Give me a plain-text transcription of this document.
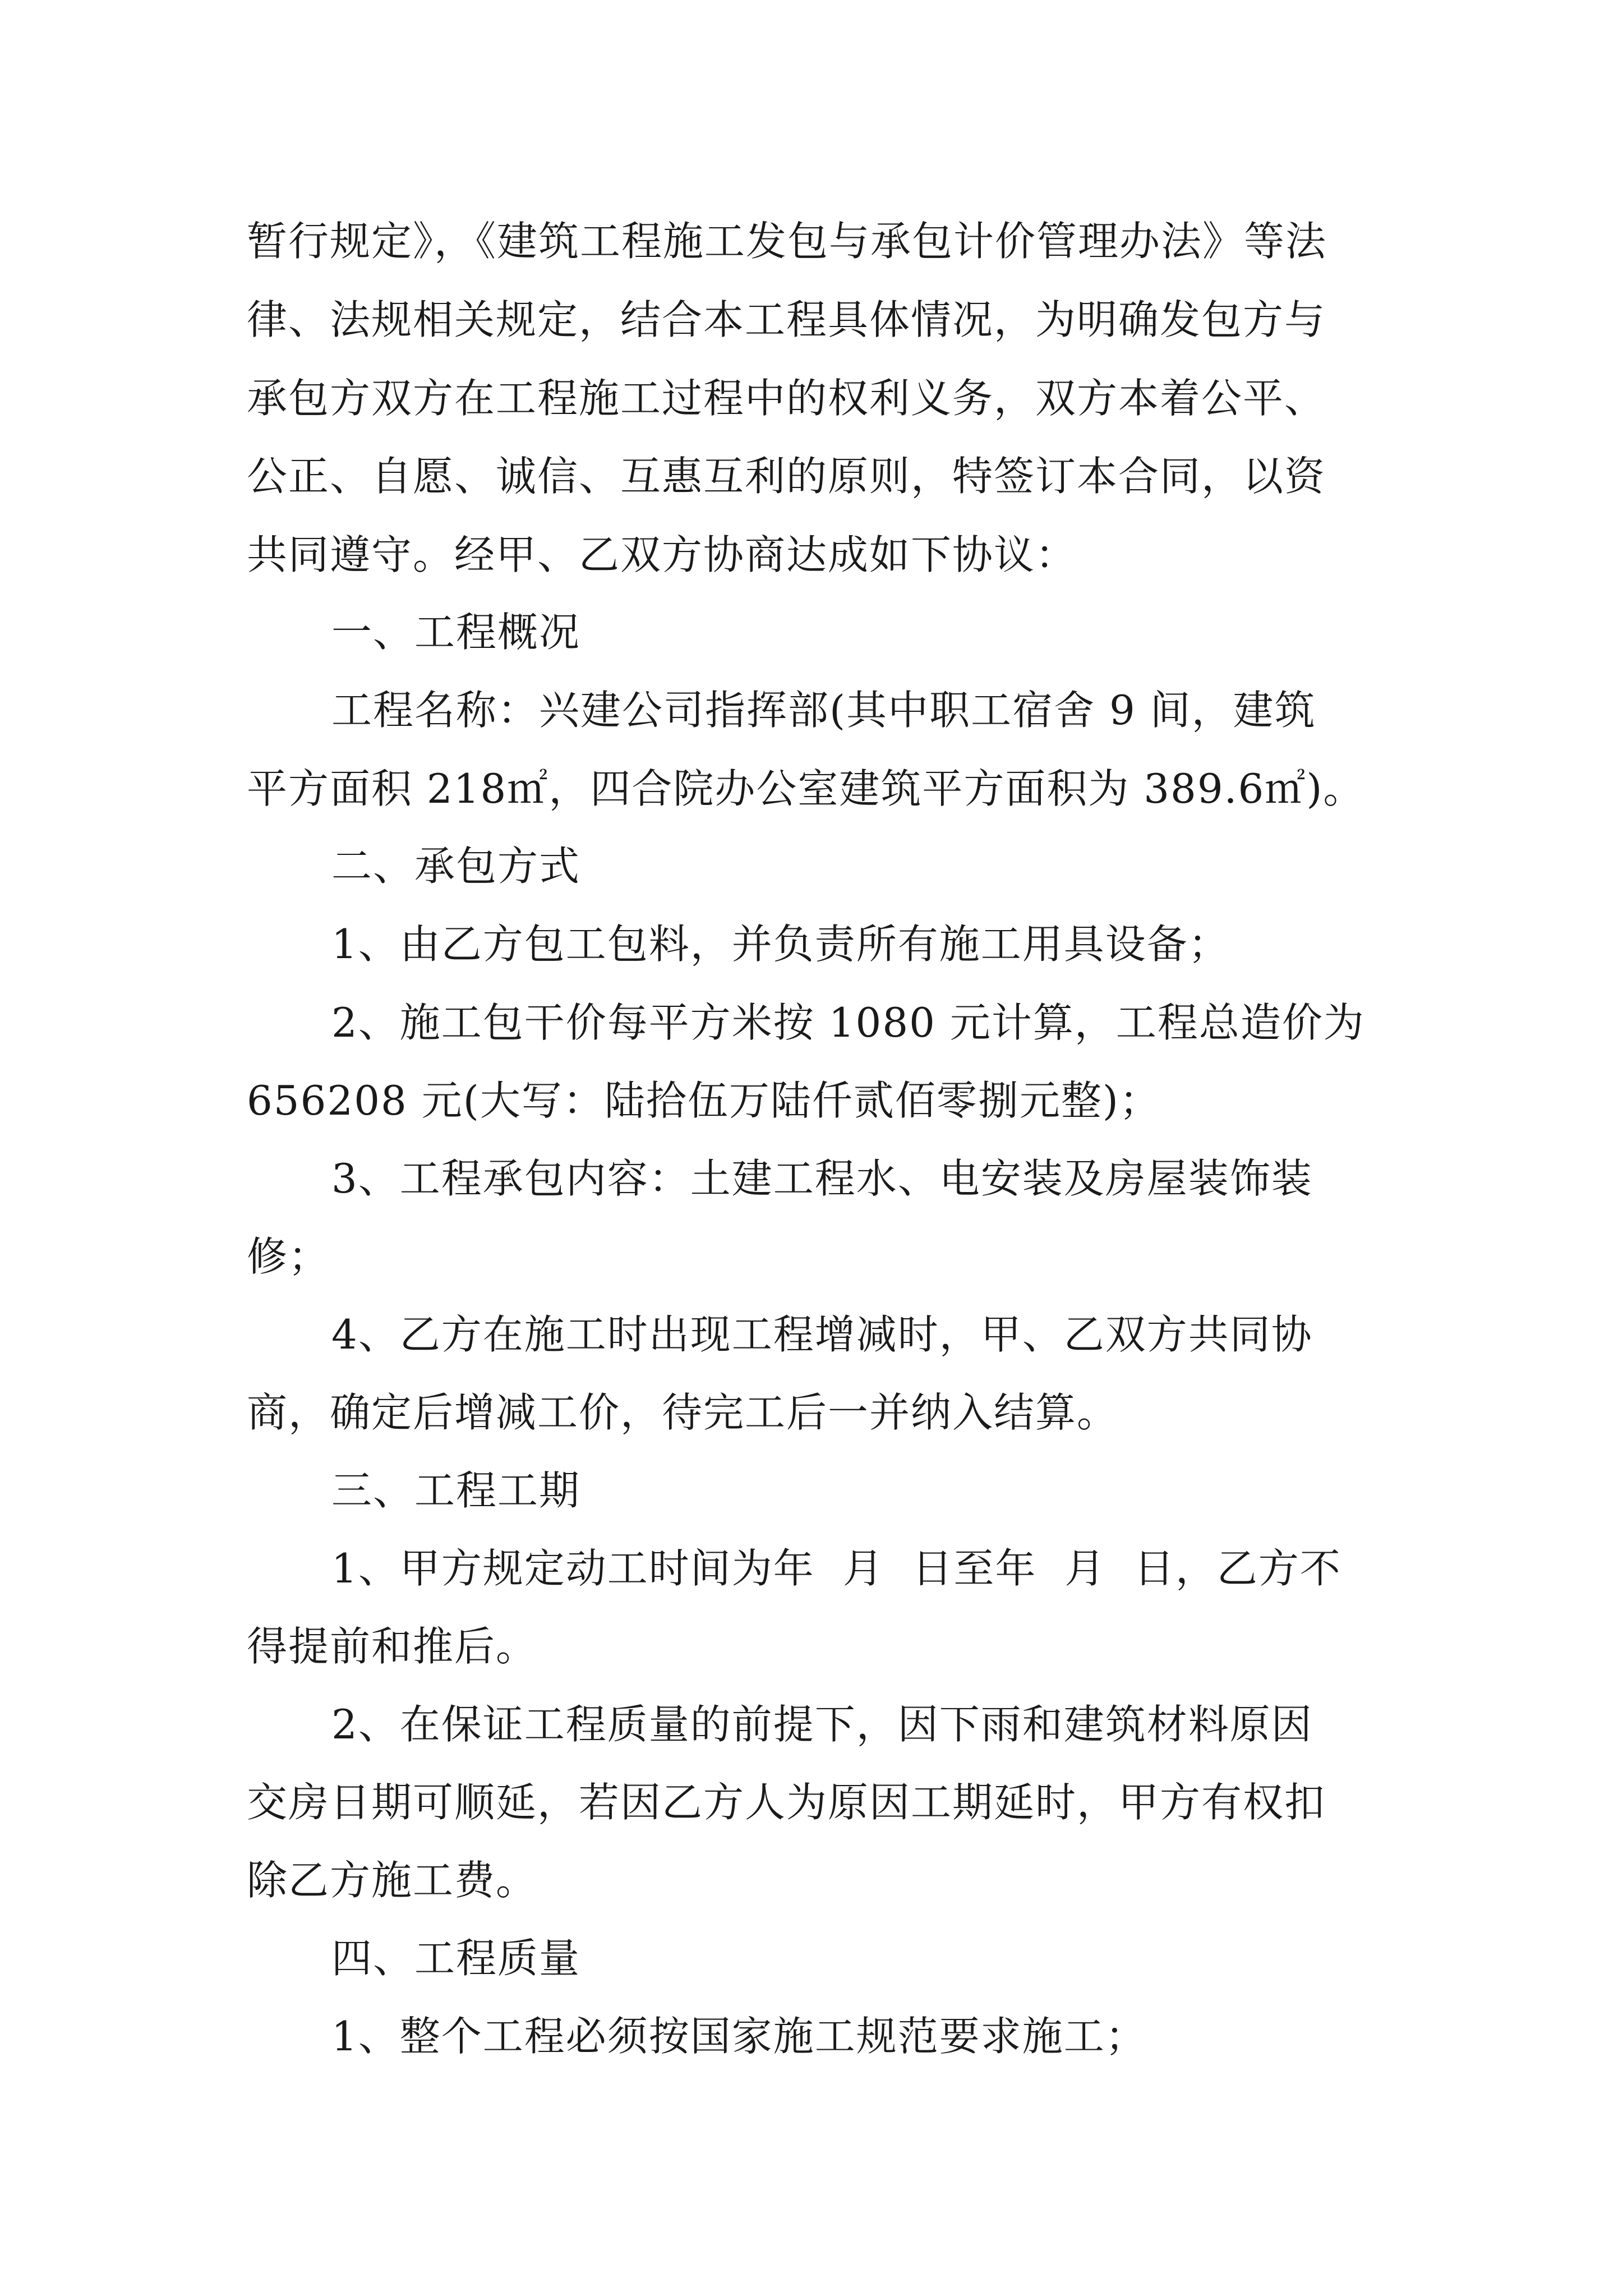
暂行规定》，《建筑工程施工发包与承包计价管理办法》等法

律、法规相关规定，结合本工程具体情况，为明确发包方与

承包方双方在工程施工过程中的权利义务，双方本着公平、

公正、自愿、诚信、互惠互利的原则，特签订本合同，以资

共同遵守。经甲、乙双方协商达成如下协议：

一、工程概况

工程名称：兴建公司指挥部(其中职工宿舍 9 间，建筑

平方面积 218㎡，四合院办公室建筑平方面积为 389.6㎡)。

二、承包方式

1、由乙方包工包料，并负责所有施工用具设备；

2、施工包干价每平方米按 1080 元计算，工程总造价为

656208 元(大写：陆拾伍万陆仟贰佰零捌元整)；

3、工程承包内容：土建工程水、电安装及房屋装饰装

修；

4、乙方在施工时出现工程增减时，甲、乙双方共同协

商，确定后增减工价，待完工后一并纳入结算。

三、工程工期

1、甲方规定动工时间为年  月  日至年  月  日，乙方不

得提前和推后。

2、在保证工程质量的前提下，因下雨和建筑材料原因

交房日期可顺延，若因乙方人为原因工期延时，甲方有权扣

除乙方施工费。

四、工程质量

1、整个工程必须按国家施工规范要求施工；
